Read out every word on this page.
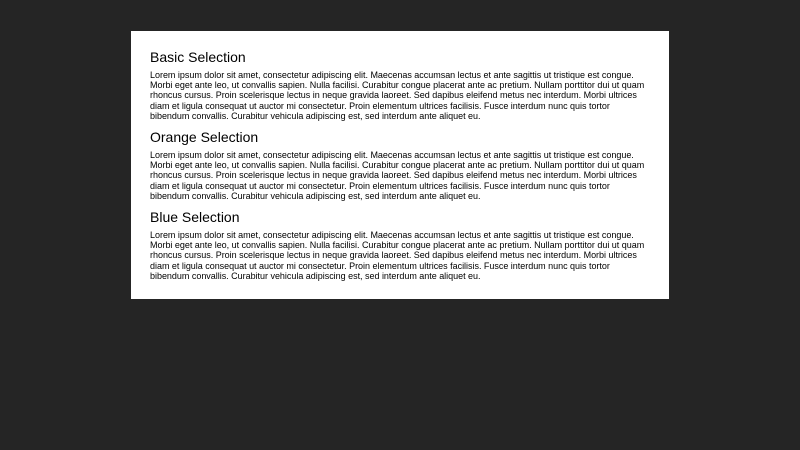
Basic Selection

Lorem ipsum dolor sit amet, consectetur adipiscing elit. Maecenas accumsan lectus et ante sagittis ut tristique est congue. Morbi eget ante leo, ut convallis sapien. Nulla facilisi. Curabitur congue placerat ante ac pretium. Nullam porttitor dui ut quam rhoncus cursus. Proin scelerisque lectus in neque gravida laoreet. Sed dapibus eleifend metus nec interdum. Morbi ultrices diam et ligula consequat ut auctor mi consectetur. Proin elementum ultrices facilisis. Fusce interdum nunc quis tortor bibendum convallis. Curabitur vehicula adipiscing est, sed interdum ante aliquet eu.

Orange Selection

Lorem ipsum dolor sit amet, consectetur adipiscing elit. Maecenas accumsan lectus et ante sagittis ut tristique est congue. Morbi eget ante leo, ut convallis sapien. Nulla facilisi. Curabitur congue placerat ante ac pretium. Nullam porttitor dui ut quam rhoncus cursus. Proin scelerisque lectus in neque gravida laoreet. Sed dapibus eleifend metus nec interdum. Morbi ultrices diam et ligula consequat ut auctor mi consectetur. Proin elementum ultrices facilisis. Fusce interdum nunc quis tortor bibendum convallis. Curabitur vehicula adipiscing est, sed interdum ante aliquet eu.

Blue Selection

Lorem ipsum dolor sit amet, consectetur adipiscing elit. Maecenas accumsan lectus et ante sagittis ut tristique est congue. Morbi eget ante leo, ut convallis sapien. Nulla facilisi. Curabitur congue placerat ante ac pretium. Nullam porttitor dui ut quam rhoncus cursus. Proin scelerisque lectus in neque gravida laoreet. Sed dapibus eleifend metus nec interdum. Morbi ultrices diam et ligula consequat ut auctor mi consectetur. Proin elementum ultrices facilisis. Fusce interdum nunc quis tortor bibendum convallis. Curabitur vehicula adipiscing est, sed interdum ante aliquet eu.
